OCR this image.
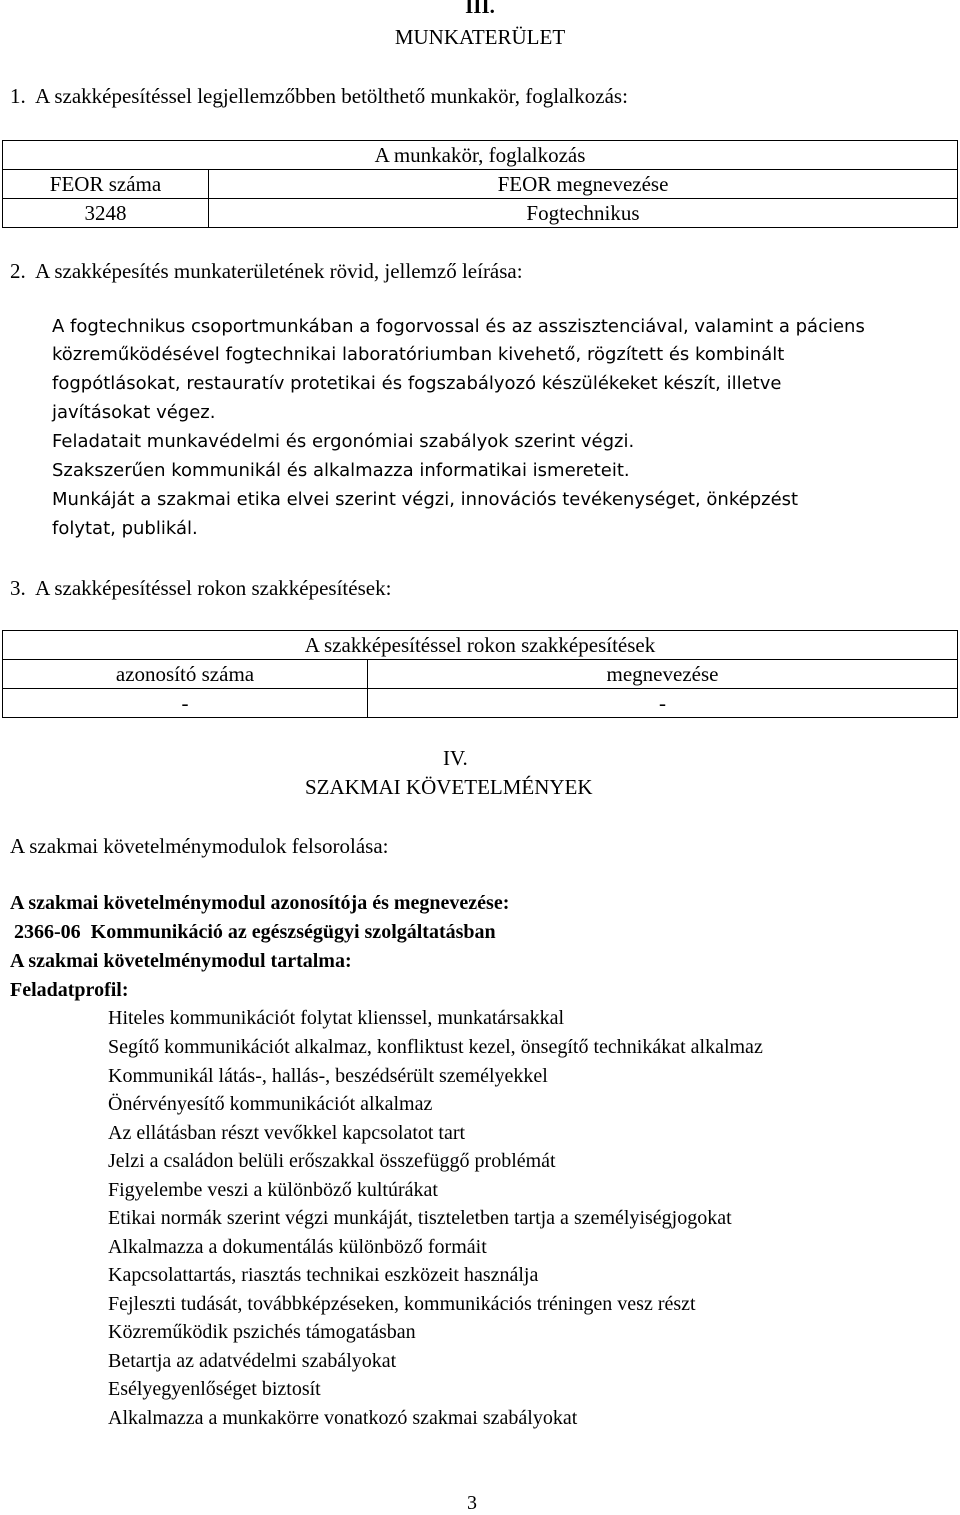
III.
MUNKATERÜLET
1.  A szakképesítéssel legjellemzőbben betölthető munkakör, foglalkozás:
A munkakör, foglalkozás	
FEOR száma	FEOR megnevezése
3248	Fogtechnikus
2.  A szakképesítés munkaterületének rövid, jellemző leírása:
A fogtechnikus csoportmunkában a fogorvossal és az asszisztenciával, valamint a páciens
közreműködésével fogtechnikai laboratóriumban kivehető, rögzített és kombinált
fogpótlásokat, restauratív protetikai és fogszabályozó készülékeket készít, illetve
javításokat végez.
Feladatait munkavédelmi és ergonómiai szabályok szerint végzi.
Szakszerűen kommunikál és alkalmazza informatikai ismereteit.
Munkáját a szakmai etika elvei szerint végzi, innovációs tevékenységet, önképzést
folytat, publikál.
3.  A szakképesítéssel rokon szakképesítések:
A szakképesítéssel rokon szakképesítések	
azonosító száma	megnevezése
-	-
IV.
SZAKMAI KÖVETELMÉNYEK
A szakmai követelménymodulok felsorolása:
A szakmai követelménymodul azonosítója és megnevezése:
2366-06  Kommunikáció az egészségügyi szolgáltatásban
A szakmai követelménymodul tartalma:
Feladatprofil:
Hiteles kommunikációt folytat klienssel, munkatársakkal
Segítő kommunikációt alkalmaz, konfliktust kezel, önsegítő technikákat alkalmaz
Kommunikál látás-, hallás-, beszédsérült személyekkel
Önérvényesítő kommunikációt alkalmaz
Az ellátásban részt vevőkkel kapcsolatot tart
Jelzi a családon belüli erőszakkal összefüggő problémát
Figyelembe veszi a különböző kultúrákat
Etikai normák szerint végzi munkáját, tiszteletben tartja a személyiségjogokat
Alkalmazza a dokumentálás különböző formáit
Kapcsolattartás, riasztás technikai eszközeit használja
Fejleszti tudását, továbbképzéseken, kommunikációs tréningen vesz részt
Közreműködik pszichés támogatásban
Betartja az adatvédelmi szabályokat
Esélyegyenlőséget biztosít
Alkalmazza a munkakörre vonatkozó szakmai szabályokat
3
